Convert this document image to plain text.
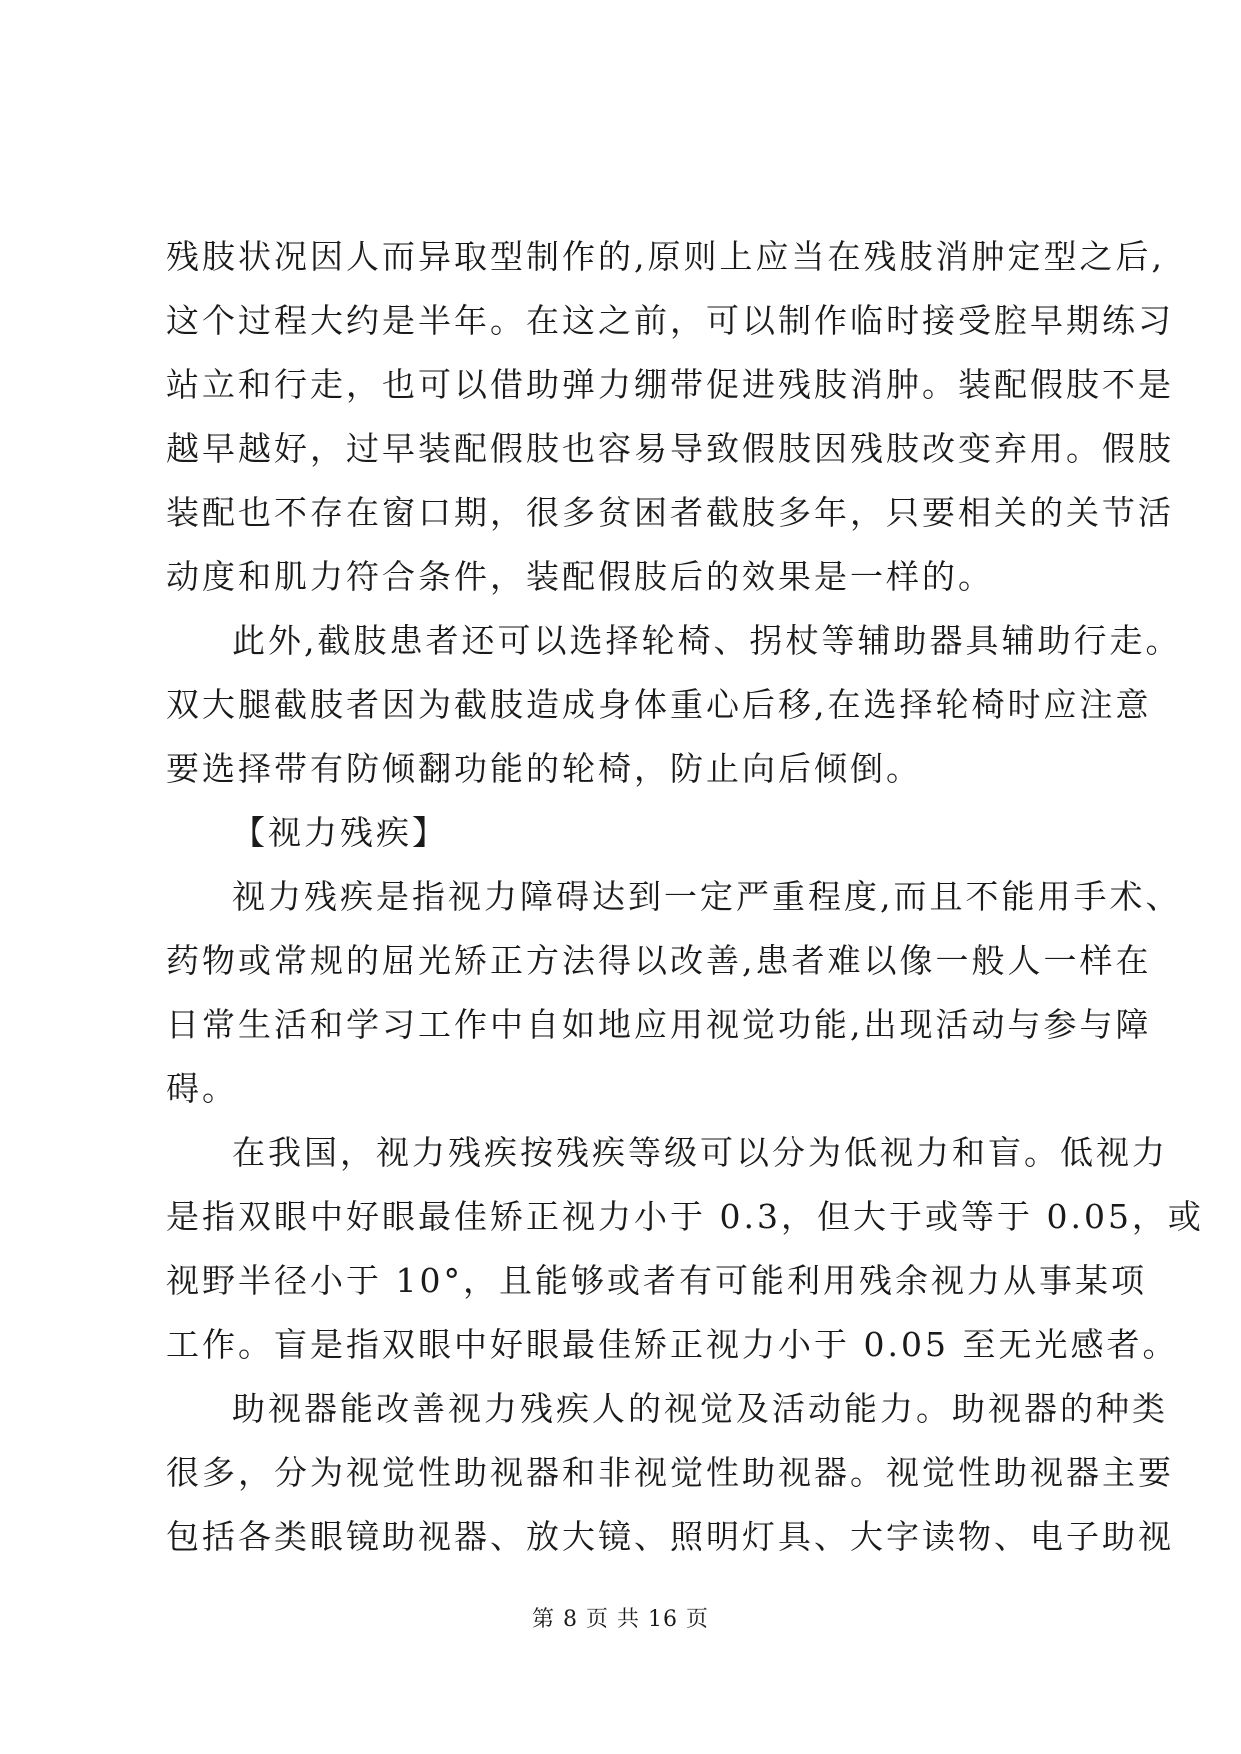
残肢状况因人而异取型制作的,原则上应当在残肢消肿定型之后,
这个过程大约是半年。在这之前，可以制作临时接受腔早期练习
站立和行走，也可以借助弹力绷带促进残肢消肿。装配假肢不是
越早越好，过早装配假肢也容易导致假肢因残肢改变弃用。假肢
装配也不存在窗口期，很多贫困者截肢多年，只要相关的关节活
动度和肌力符合条件，装配假肢后的效果是一样的。
此外,截肢患者还可以选择轮椅、拐杖等辅助器具辅助行走。
双大腿截肢者因为截肢造成身体重心后移,在选择轮椅时应注意
要选择带有防倾翻功能的轮椅，防止向后倾倒。
【视力残疾】
视力残疾是指视力障碍达到一定严重程度,而且不能用手术、
药物或常规的屈光矫正方法得以改善,患者难以像一般人一样在
日常生活和学习工作中自如地应用视觉功能,出现活动与参与障
碍。
在我国，视力残疾按残疾等级可以分为低视力和盲。低视力
是指双眼中好眼最佳矫正视力小于 0.3，但大于或等于 0.05，或
视野半径小于 10°，且能够或者有可能利用残余视力从事某项
工作。盲是指双眼中好眼最佳矫正视力小于 0.05 至无光感者。
助视器能改善视力残疾人的视觉及活动能力。助视器的种类
很多，分为视觉性助视器和非视觉性助视器。视觉性助视器主要
包括各类眼镜助视器、放大镜、照明灯具、大字读物、电子助视
第 8 页 共 16 页
